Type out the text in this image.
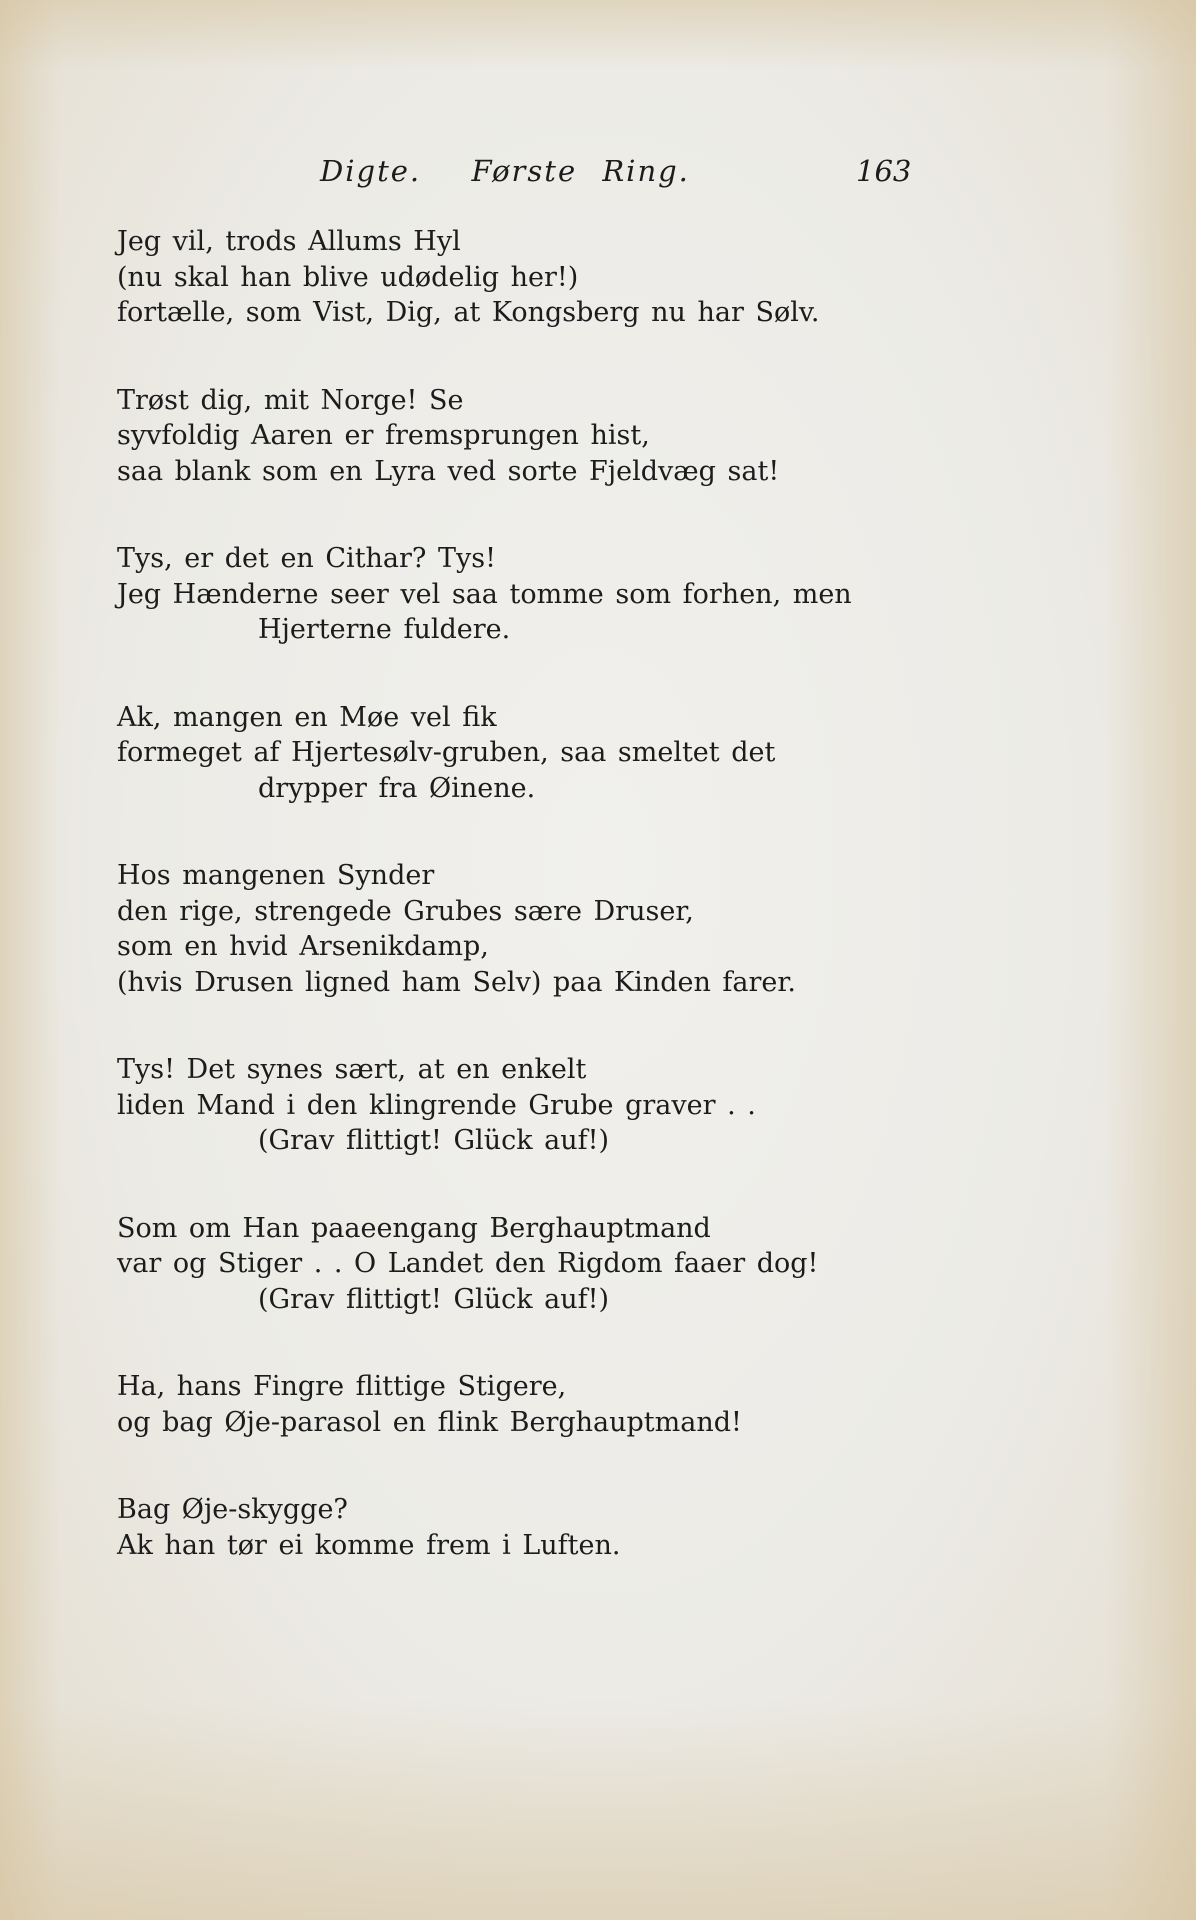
Digte.  Første Ring.	163
Jeg vil, trods Allums Hyl
(nu skal han blive udødelig her!)
fortælle, som Vist, Dig, at Kongsberg nu har Sølv.
Trøst dig, mit Norge! Se
syvfoldig Aaren er fremsprungen hist,
saa blank som en Lyra ved sorte Fjeldvæg sat!
Tys, er det en Cithar? Tys!
Jeg Hænderne seer vel saa tomme som forhen, men
Hjerterne fuldere.
Ak, mangen en Møe vel fik
formeget af Hjertesølv-gruben, saa smeltet det
drypper fra Øinene.
Hos mangenen Synder
den rige, strengede Grubes sære Druser,
som en hvid Arsenikdamp,
(hvis Drusen ligned ham Selv) paa Kinden farer.
Tys! Det synes sært, at en enkelt
liden Mand i den klingrende Grube graver . .
(Grav flittigt! Glück auf!)
Som om Han paaeengang Berghauptmand
var og Stiger . . O Landet den Rigdom faaer dog!
(Grav flittigt! Glück auf!)
Ha, hans Fingre flittige Stigere,
og bag Øje-parasol en flink Berghauptmand!
Bag Øje-skygge?
Ak han tør ei komme frem i Luften.
